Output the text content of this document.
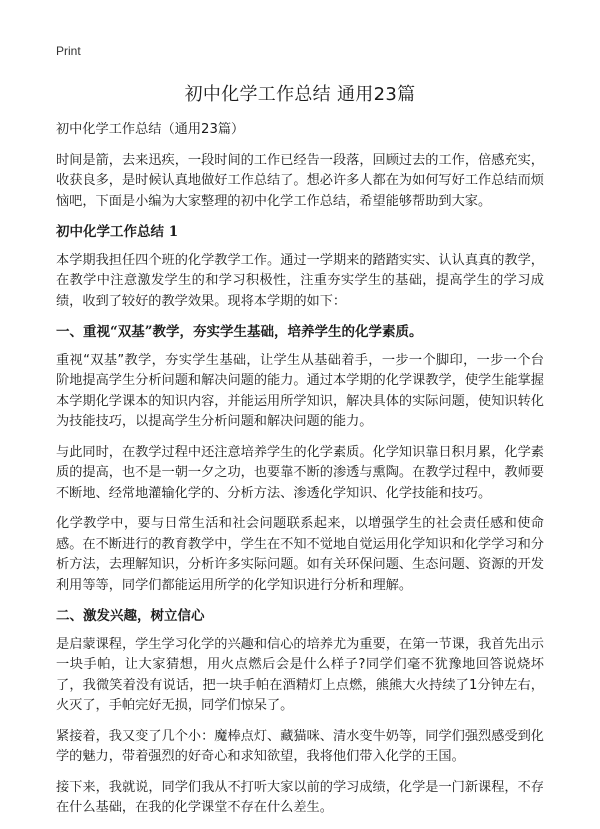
Print
初中化学工作总结 通用23篇

初中化学工作总结（通用23篇）

时间是箭，去来迅疾，一段时间的工作已经告一段落，回顾过去的工作，倍感充实，收获良多，是时候认真地做好工作总结了。想必许多人都在为如何写好工作总结而烦恼吧，下面是小编为大家整理的初中化学工作总结，希望能够帮助到大家。

初中化学工作总结 1

本学期我担任四个班的化学教学工作。通过一学期来的踏踏实实、认认真真的教学，在教学中注意激发学生的和学习积极性，注重夯实学生的基础，提高学生的学习成绩，收到了较好的教学效果。现将本学期的如下：

一、重视“双基”教学，夯实学生基础，培养学生的化学素质。

重视“双基”教学，夯实学生基础，让学生从基础着手，一步一个脚印，一步一个台阶地提高学生分析问题和解决问题的能力。通过本学期的化学课教学，使学生能掌握本学期化学课本的知识内容，并能运用所学知识，解决具体的实际问题，使知识转化为技能技巧，以提高学生分析问题和解决问题的能力。

与此同时，在教学过程中还注意培养学生的化学素质。化学知识靠日积月累，化学素质的提高，也不是一朝一夕之功，也要靠不断的渗透与熏陶。在教学过程中，教师要不断地、经常地灌输化学的、分析方法、渗透化学知识、化学技能和技巧。

化学教学中，要与日常生活和社会问题联系起来，以增强学生的社会责任感和使命感。在不断进行的教育教学中，学生在不知不觉地自觉运用化学知识和化学学习和分析方法，去理解知识，分析许多实际问题。如有关环保问题、生态问题、资源的开发利用等等，同学们都能运用所学的化学知识进行分析和理解。

二、激发兴趣，树立信心

是启蒙课程，学生学习化学的兴趣和信心的培养尤为重要，在第一节课，我首先出示一块手帕，让大家猜想，用火点燃后会是什么样子?同学们毫不犹豫地回答说烧坏了，我微笑着没有说话，把一块手帕在酒精灯上点燃，熊熊大火持续了1分钟左右，火灭了，手帕完好无损，同学们惊呆了。

紧接着，我又变了几个小：魔棒点灯、藏猫咪、清水变牛奶等，同学们强烈感受到化学的魅力，带着强烈的好奇心和求知欲望，我将他们带入化学的王国。

接下来，我就说，同学们我从不打听大家以前的学习成绩，化学是一门新课程，不存在什么基础，在我的化学课堂不存在什么差生。
